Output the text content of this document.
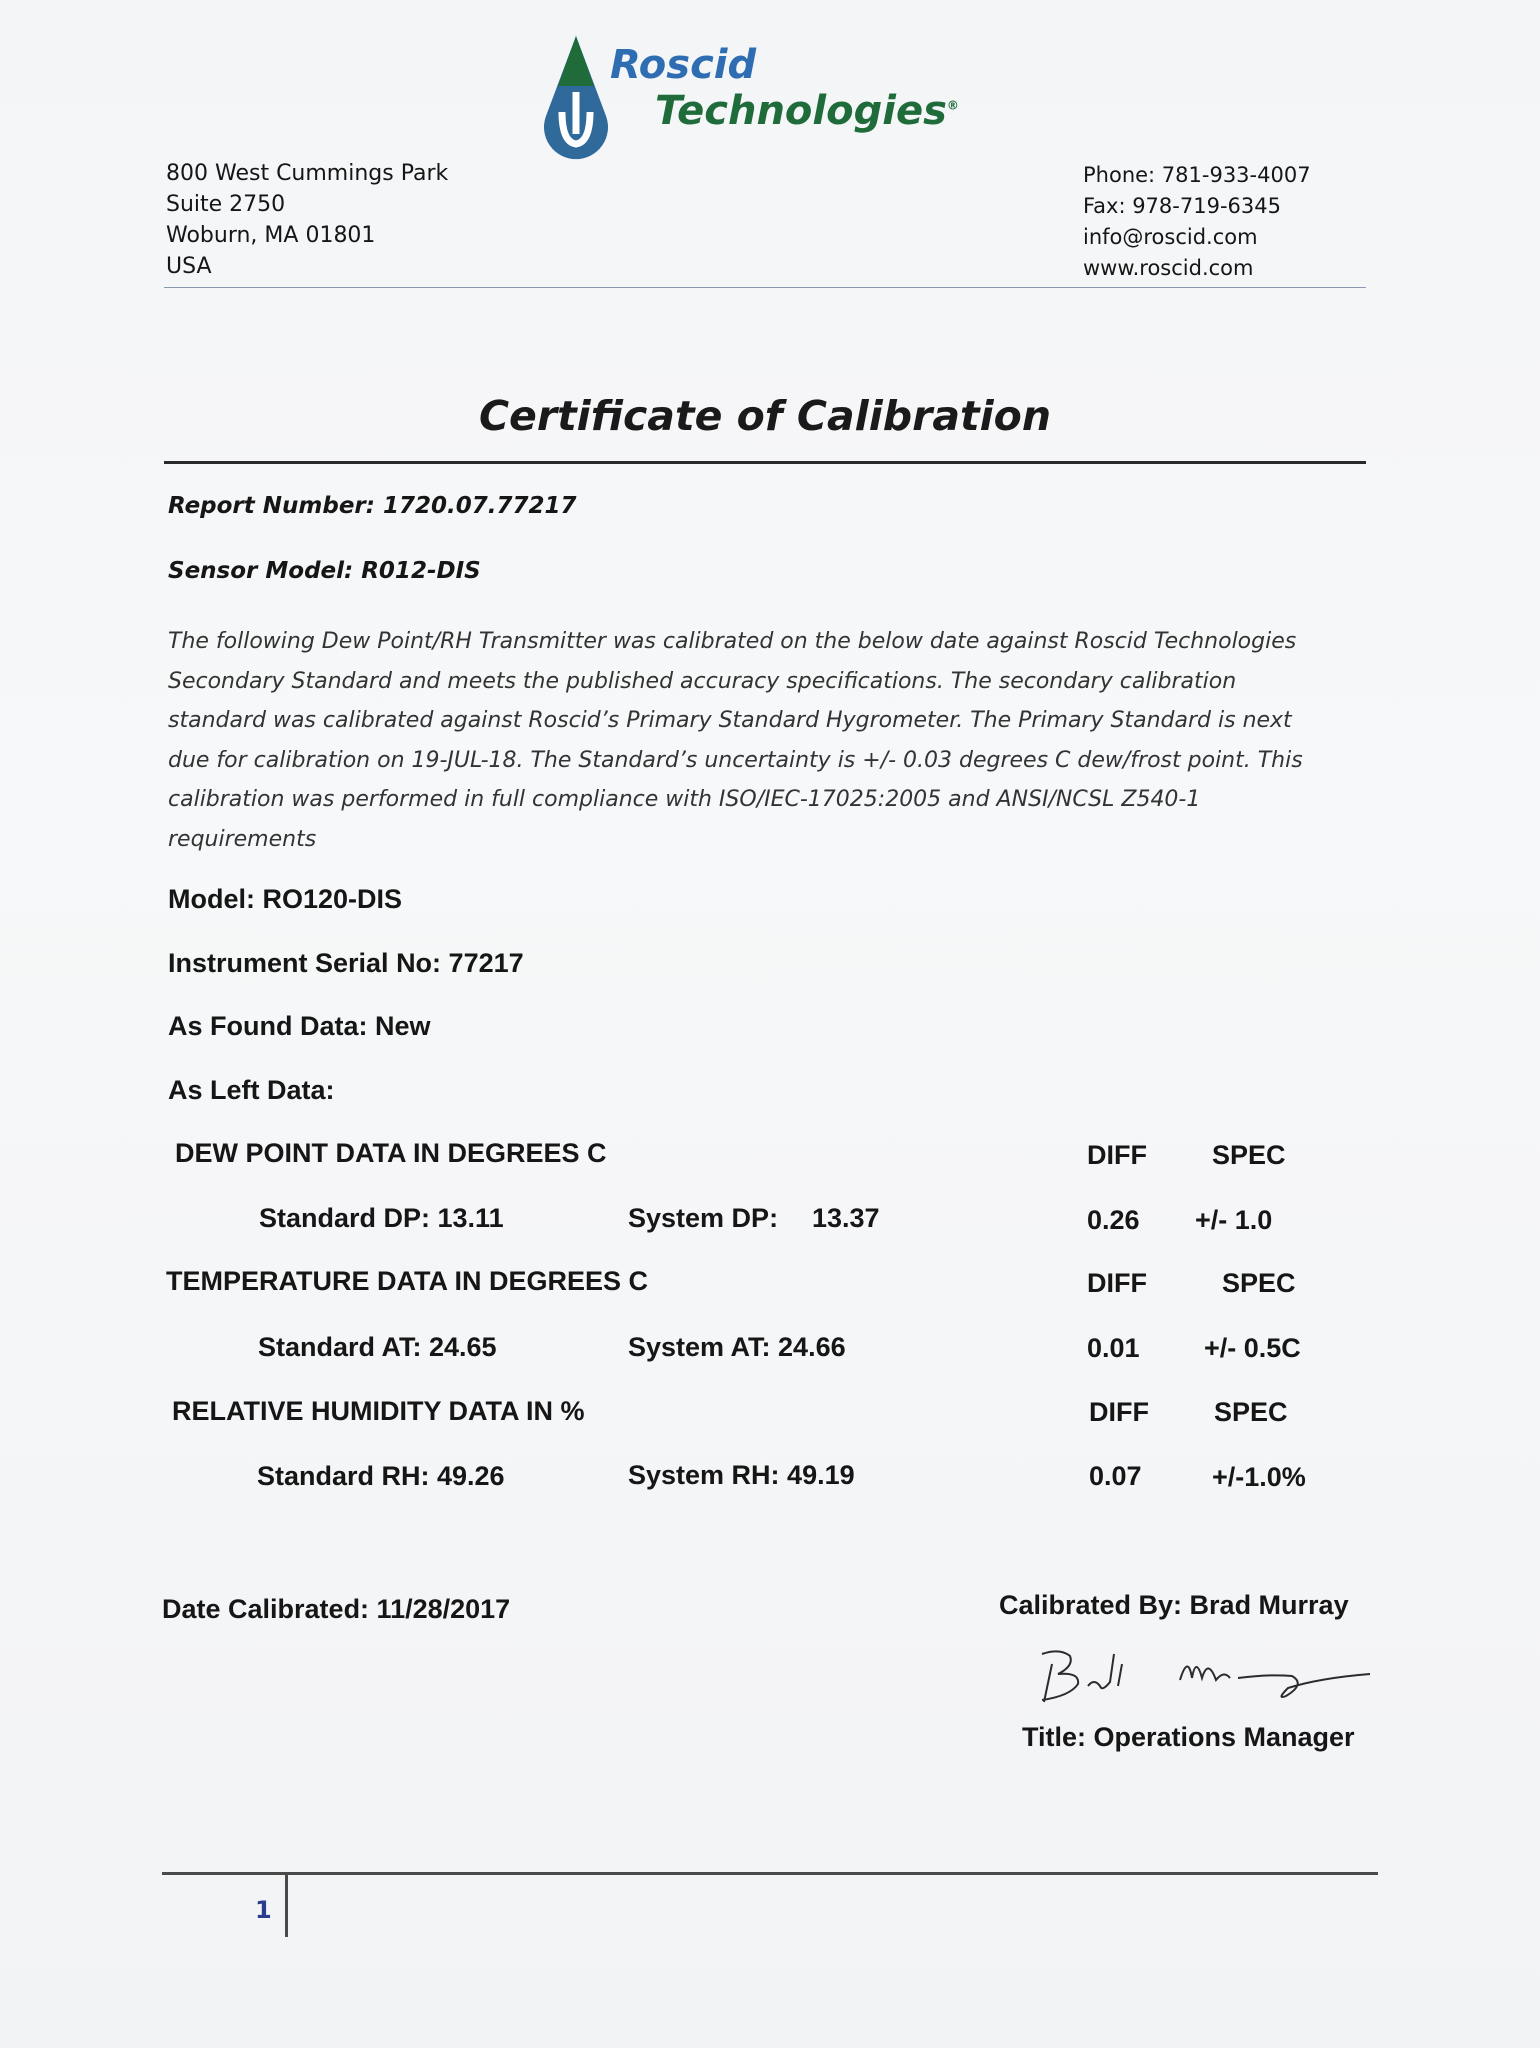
Roscid
Technologies®
800 West Cummings Park
Suite 2750
Woburn, MA 01801
USA
Phone: 781-933-4007
Fax: 978-719-6345
info@roscid.com
www.roscid.com
Certificate of Calibration
Report Number: 1720.07.77217
Sensor Model: R012-DIS
The following Dew Point/RH Transmitter was calibrated on the below date against Roscid Technologies
Secondary Standard and meets the published accuracy specifications. The secondary calibration
standard was calibrated against Roscid’s Primary Standard Hygrometer. The Primary Standard is next
due for calibration on 19-JUL-18. The Standard’s uncertainty is +/- 0.03 degrees C dew/frost point. This
calibration was performed in full compliance with ISO/IEC-17025:2005 and ANSI/NCSL Z540-1
requirements
Model: RO120-DIS
Instrument Serial No: 77217
As Found Data: New
As Left Data:
DEW POINT DATA IN DEGREES C	DIFF SPEC
Standard DP: 13.11	System DP: 13.37	0.26 +/- 1.0
TEMPERATURE DATA IN DEGREES C	DIFF	SPEC
Standard AT: 24.65	System AT: 24.66	0.01 +/- 0.5C
RELATIVE HUMIDITY DATA IN %	DIFF SPEC
Standard RH: 49.26	System RH: 49.19	0.07	+/-1.0%
Date Calibrated: 11/28/2017	Calibrated By: Brad Murray
Title: Operations Manager
1
